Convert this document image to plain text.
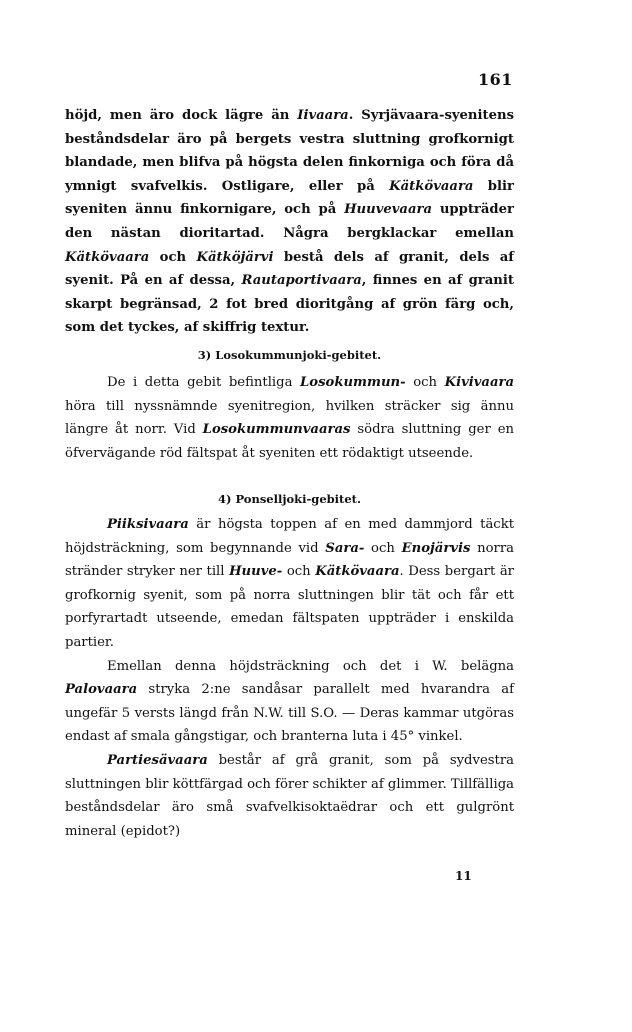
161

höjd, men äro dock lägre än Iivaara. Syrjävaara-syenitens beståndsdelar äro på bergets vestra sluttning grofkornigt blandade, men blifva på högsta delen finkorniga och föra då ymnigt svafvelkis. Ostligare, eller på Kätkövaara blir syeniten ännu finkornigare, och på Huuvevaara uppträder den nästan dioritartad. Några bergklackar emellan Kätkövaara och Kätköjärvi bestå dels af granit, dels af syenit. På en af dessa, Rautaportivaara, finnes en af granit skarpt begränsad, 2 fot bred dioritgång af grön färg och, som det tyckes, af skiffrig textur.

3) Losokummunjoki-gebitet.

De i detta gebit befintliga Losokummun- och Kivivaara höra till nyssnämnde syenitregion, hvilken sträcker sig ännu längre åt norr. Vid Losokummunvaaras södra sluttning ger en öfvervägande röd fältspat åt syeniten ett rödaktigt utseende.

4) Ponselljoki-gebitet.

Piiksivaara är högsta toppen af en med dammjord täckt höjdsträckning, som begynnande vid Sara- och Enojärvis norra stränder stryker ner till Huuve- och Kätkövaara. Dess bergart är grofkornig syenit, som på norra sluttningen blir tät och får ett porfyrartadt utseende, emedan fältspaten uppträder i enskilda partier.

Emellan denna höjdsträckning och det i W. belägna Palovaara stryka 2:ne sandåsar parallelt med hvarandra af ungefär 5 versts längd från N.W. till S.O. — Deras kammar utgöras endast af smala gångstigar, och branterna luta i 45° vinkel.

Partiesävaara består af grå granit, som på sydvestra sluttningen blir köttfärgad och förer schikter af glimmer. Tillfälliga beståndsdelar äro små svafvelkisoktaëdrar och ett gulgrönt mineral (epidot?)

11
